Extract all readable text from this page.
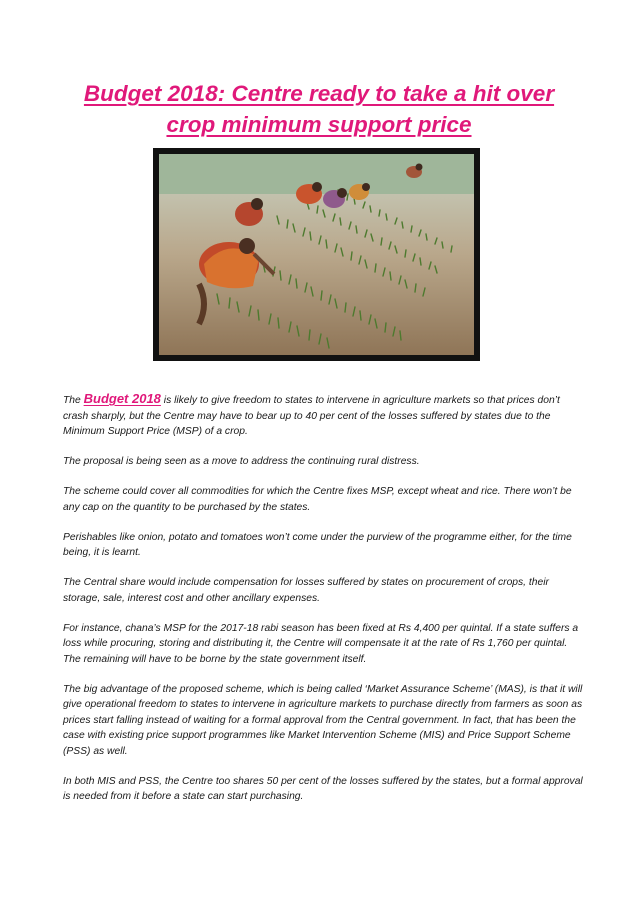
Budget 2018: Centre ready to take a hit over
crop minimum support price

The Budget 2018 is likely to give freedom to states to intervene in agriculture markets so that prices don’t crash sharply, but the Centre may have to bear up to 40 per cent of the losses suffered by states due to the Minimum Support Price (MSP) of a crop.

The proposal is being seen as a move to address the continuing rural distress.

The scheme could cover all commodities for which the Centre fixes MSP, except wheat and rice. There won’t be any cap on the quantity to be purchased by the states.

Perishables like onion, potato and tomatoes won’t come under the purview of the programme either, for the time being, it is learnt.

The Central share would include compensation for losses suffered by states on procurement of crops, their storage, sale, interest cost and other ancillary expenses.

For instance, chana’s MSP for the 2017-18 rabi season has been fixed at Rs 4,400 per quintal. If a state suffers a loss while procuring, storing and distributing it, the Centre will compensate it at the rate of Rs 1,760 per quintal. The remaining will have to be borne by the state government itself.

The big advantage of the proposed scheme, which is being called ‘Market Assurance Scheme’ (MAS), is that it will give operational freedom to states to intervene in agriculture markets to purchase directly from farmers as soon as prices start falling instead of waiting for a formal approval from the Central government. In fact, that has been the case with existing price support programmes like Market Intervention Scheme (MIS) and Price Support Scheme (PSS) as well.

In both MIS and PSS, the Centre too shares 50 per cent of the losses suffered by the states, but a formal approval is needed from it before a state can start purchasing.
